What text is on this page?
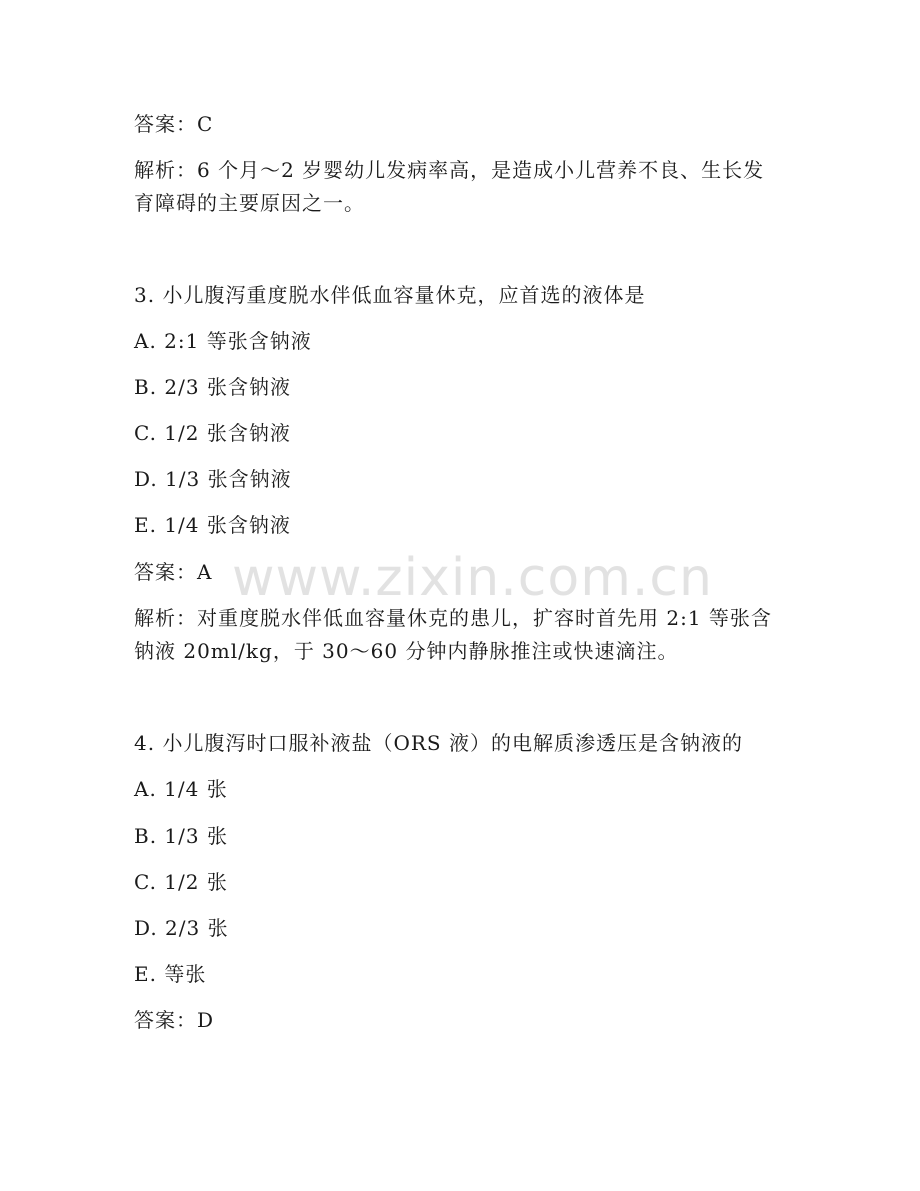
www.zixin.com.cn
答案：C
解析：6 个月～2 岁婴幼儿发病率高，是造成小儿营养不良、生长发
育障碍的主要原因之一。
3. 小儿腹泻重度脱水伴低血容量休克，应首选的液体是
A. 2:1 等张含钠液
B. 2/3 张含钠液
C. 1/2 张含钠液
D. 1/3 张含钠液
E. 1/4 张含钠液
答案：A
解析：对重度脱水伴低血容量休克的患儿，扩容时首先用 2:1 等张含
钠液 20ml/kg，于 30～60 分钟内静脉推注或快速滴注。
4. 小儿腹泻时口服补液盐（ORS 液）的电解质渗透压是含钠液的
A. 1/4 张
B. 1/3 张
C. 1/2 张
D. 2/3 张
E. 等张
答案：D
